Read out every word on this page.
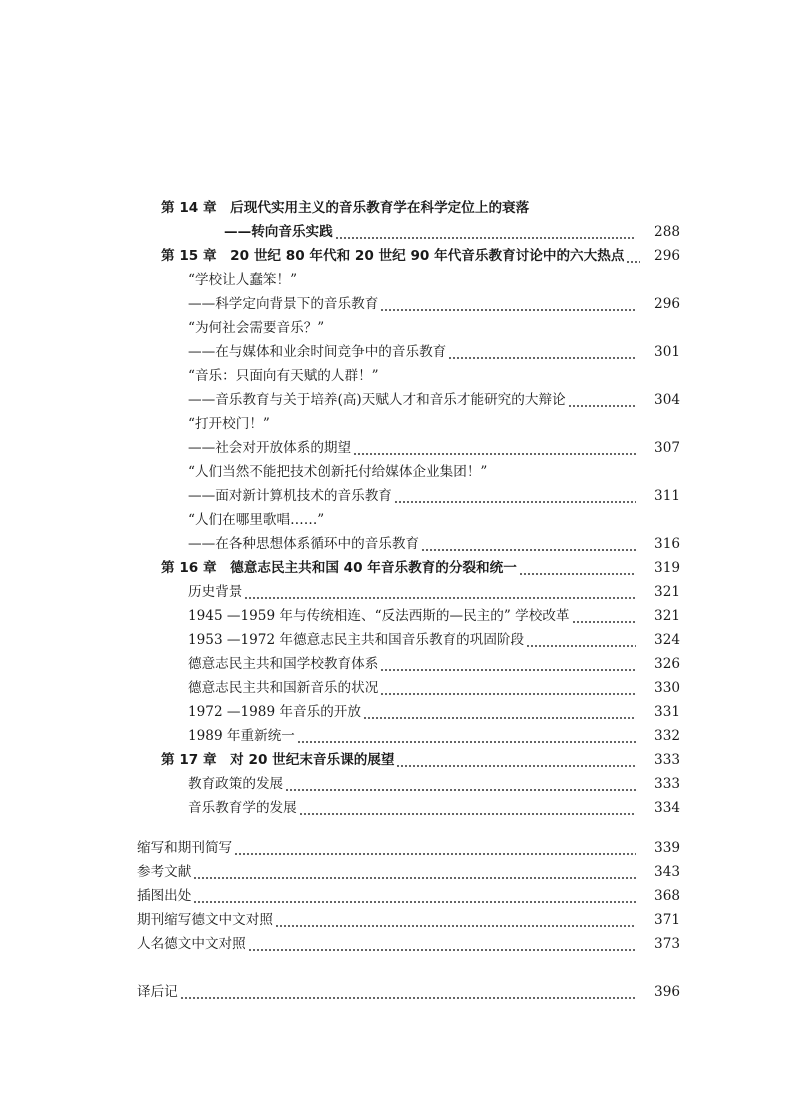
第 14 章　后现代实用主义的音乐教育学在科学定位上的衰落
——转向音乐实践	288
第 15 章　20 世纪 80 年代和 20 世纪 90 年代音乐教育讨论中的六大热点	296
“学校让人蠢笨！”
——科学定向背景下的音乐教育	296
“为何社会需要音乐？”
——在与媒体和业余时间竞争中的音乐教育	301
“音乐：只面向有天赋的人群！”
——音乐教育与关于培养(高)天赋人才和音乐才能研究的大辩论	304
“打开校门！”
——社会对开放体系的期望	307
“人们当然不能把技术创新托付给媒体企业集团！”
——面对新计算机技术的音乐教育	311
“人们在哪里歌唱……”
——在各种思想体系循环中的音乐教育	316
第 16 章　德意志民主共和国 40 年音乐教育的分裂和统一	319
历史背景	321
1945 —1959 年与传统相连、“反法西斯的—民主的” 学校改革	321
1953 —1972 年德意志民主共和国音乐教育的巩固阶段	324
德意志民主共和国学校教育体系	326
德意志民主共和国新音乐的状况	330
1972 —1989 年音乐的开放	331
1989 年重新统一	332
第 17 章　对 20 世纪末音乐课的展望	333
教育政策的发展	333
音乐教育学的发展	334
缩写和期刊简写	339
参考文献	343
插图出处	368
期刊缩写德文中文对照	371
人名德文中文对照	373
译后记	396
